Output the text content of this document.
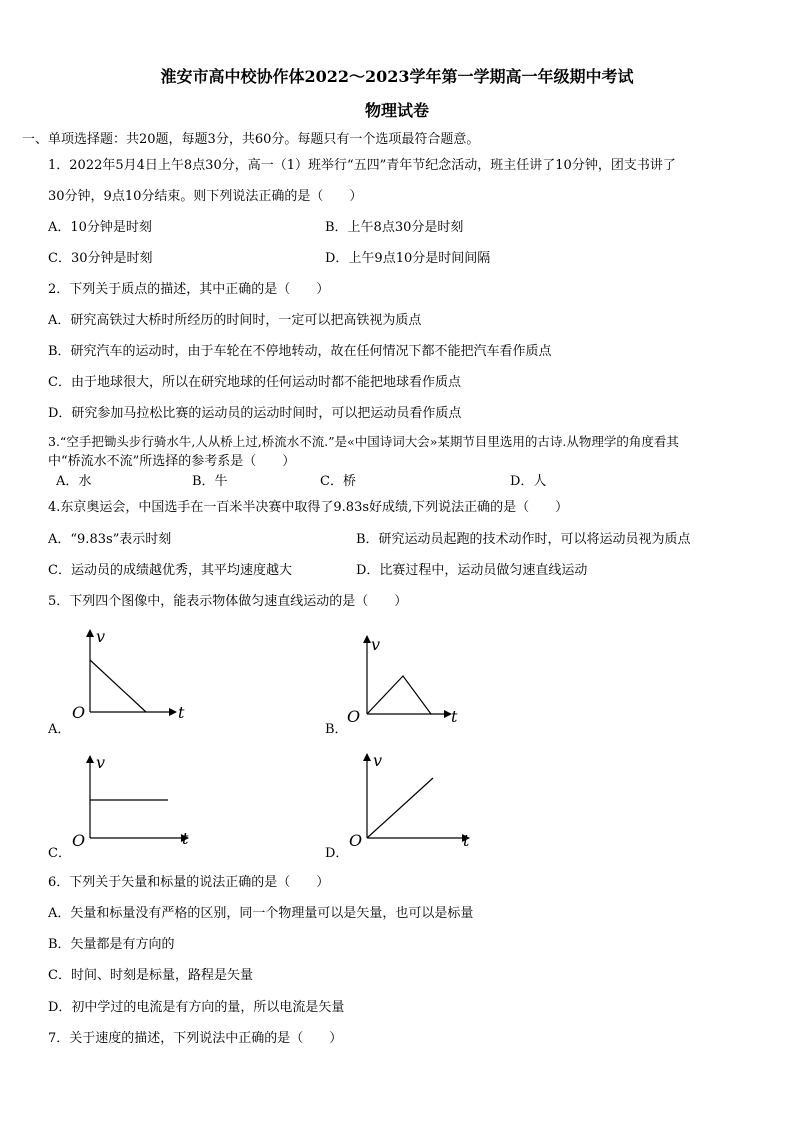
淮安市高中校协作体2022～2023学年第一学期高一年级期中考试
物理试卷
一、单项选择题：共20题，每题3分，共60分。每题只有一个选项最符合题意。
1．2022年5月4日上午8点30分，高一（1）班举行“五四”青年节纪念活动，班主任讲了10分钟，团支书讲了
30分钟，9点10分结束。则下列说法正确的是（　　）
A．10分钟是时刻	B．上午8点30分是时刻
C．30分钟是时刻	D．上午9点10分是时间间隔
2．下列关于质点的描述，其中正确的是（　　）
A．研究高铁过大桥时所经历的时间时，一定可以把高铁视为质点
B．研究汽车的运动时，由于车轮在不停地转动，故在任何情况下都不能把汽车看作质点
C．由于地球很大，所以在研究地球的任何运动时都不能把地球看作质点
D．研究参加马拉松比赛的运动员的运动时间时，可以把运动员看作质点
3.“空手把锄头步行骑水牛,人从桥上过,桥流水不流.”是«中国诗词大会»某期节目里选用的古诗.从物理学的角度看其
中“桥流水不流”所选择的参考系是（　　）
A．水	B．牛	C．桥	D．人
4.东京奥运会，中国选手在一百米半决赛中取得了9.83s好成绩,下列说法正确的是（　　）
A．“9.83s”表示时刻	B．研究运动员起跑的技术动作时，可以将运动员视为质点
C．运动员的成绩越优秀，其平均速度越大	D．比赛过程中，运动员做匀速直线运动
5．下列四个图像中，能表示物体做匀速直线运动的是（　　）
A．
v
t
O
B．
v
t
O
C．
v
t
O
D．
v
t
O
6．下列关于矢量和标量的说法正确的是（　　）
A．矢量和标量没有严格的区别，同一个物理量可以是矢量，也可以是标量
B．矢量都是有方向的
C．时间、时刻是标量，路程是矢量
D．初中学过的电流是有方向的量，所以电流是矢量
7．关于速度的描述，下列说法中正确的是（　　）
